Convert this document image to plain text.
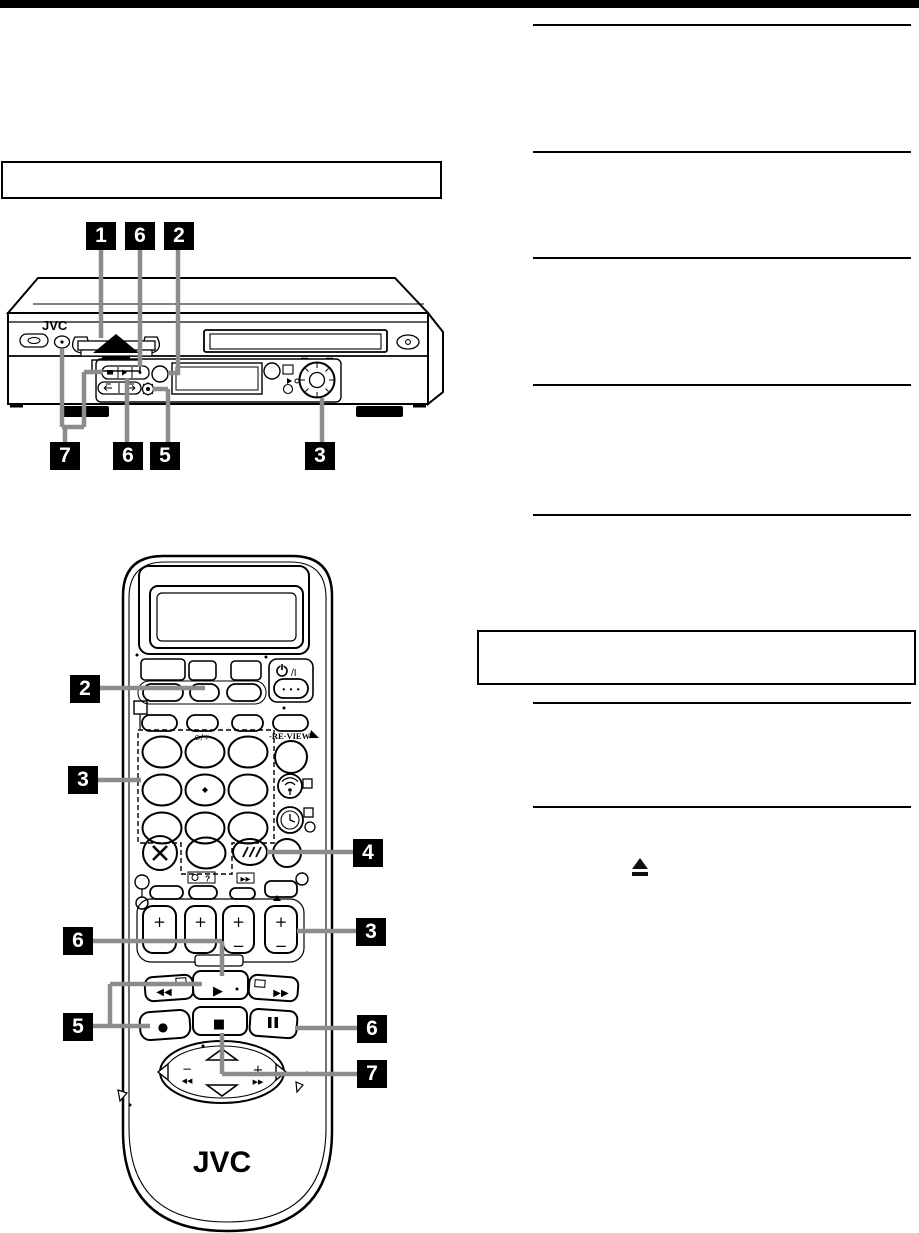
1	6	2
7	6	5	3
2
3
4
3
6
5	6
7
JVC
/I
• • •
⊙/☼	-RE·VIEW
?	▶▶
+ + + +
− −
◀◀	▶	▶▶
●	■
−
◀◀
+
▶▶
JVC
